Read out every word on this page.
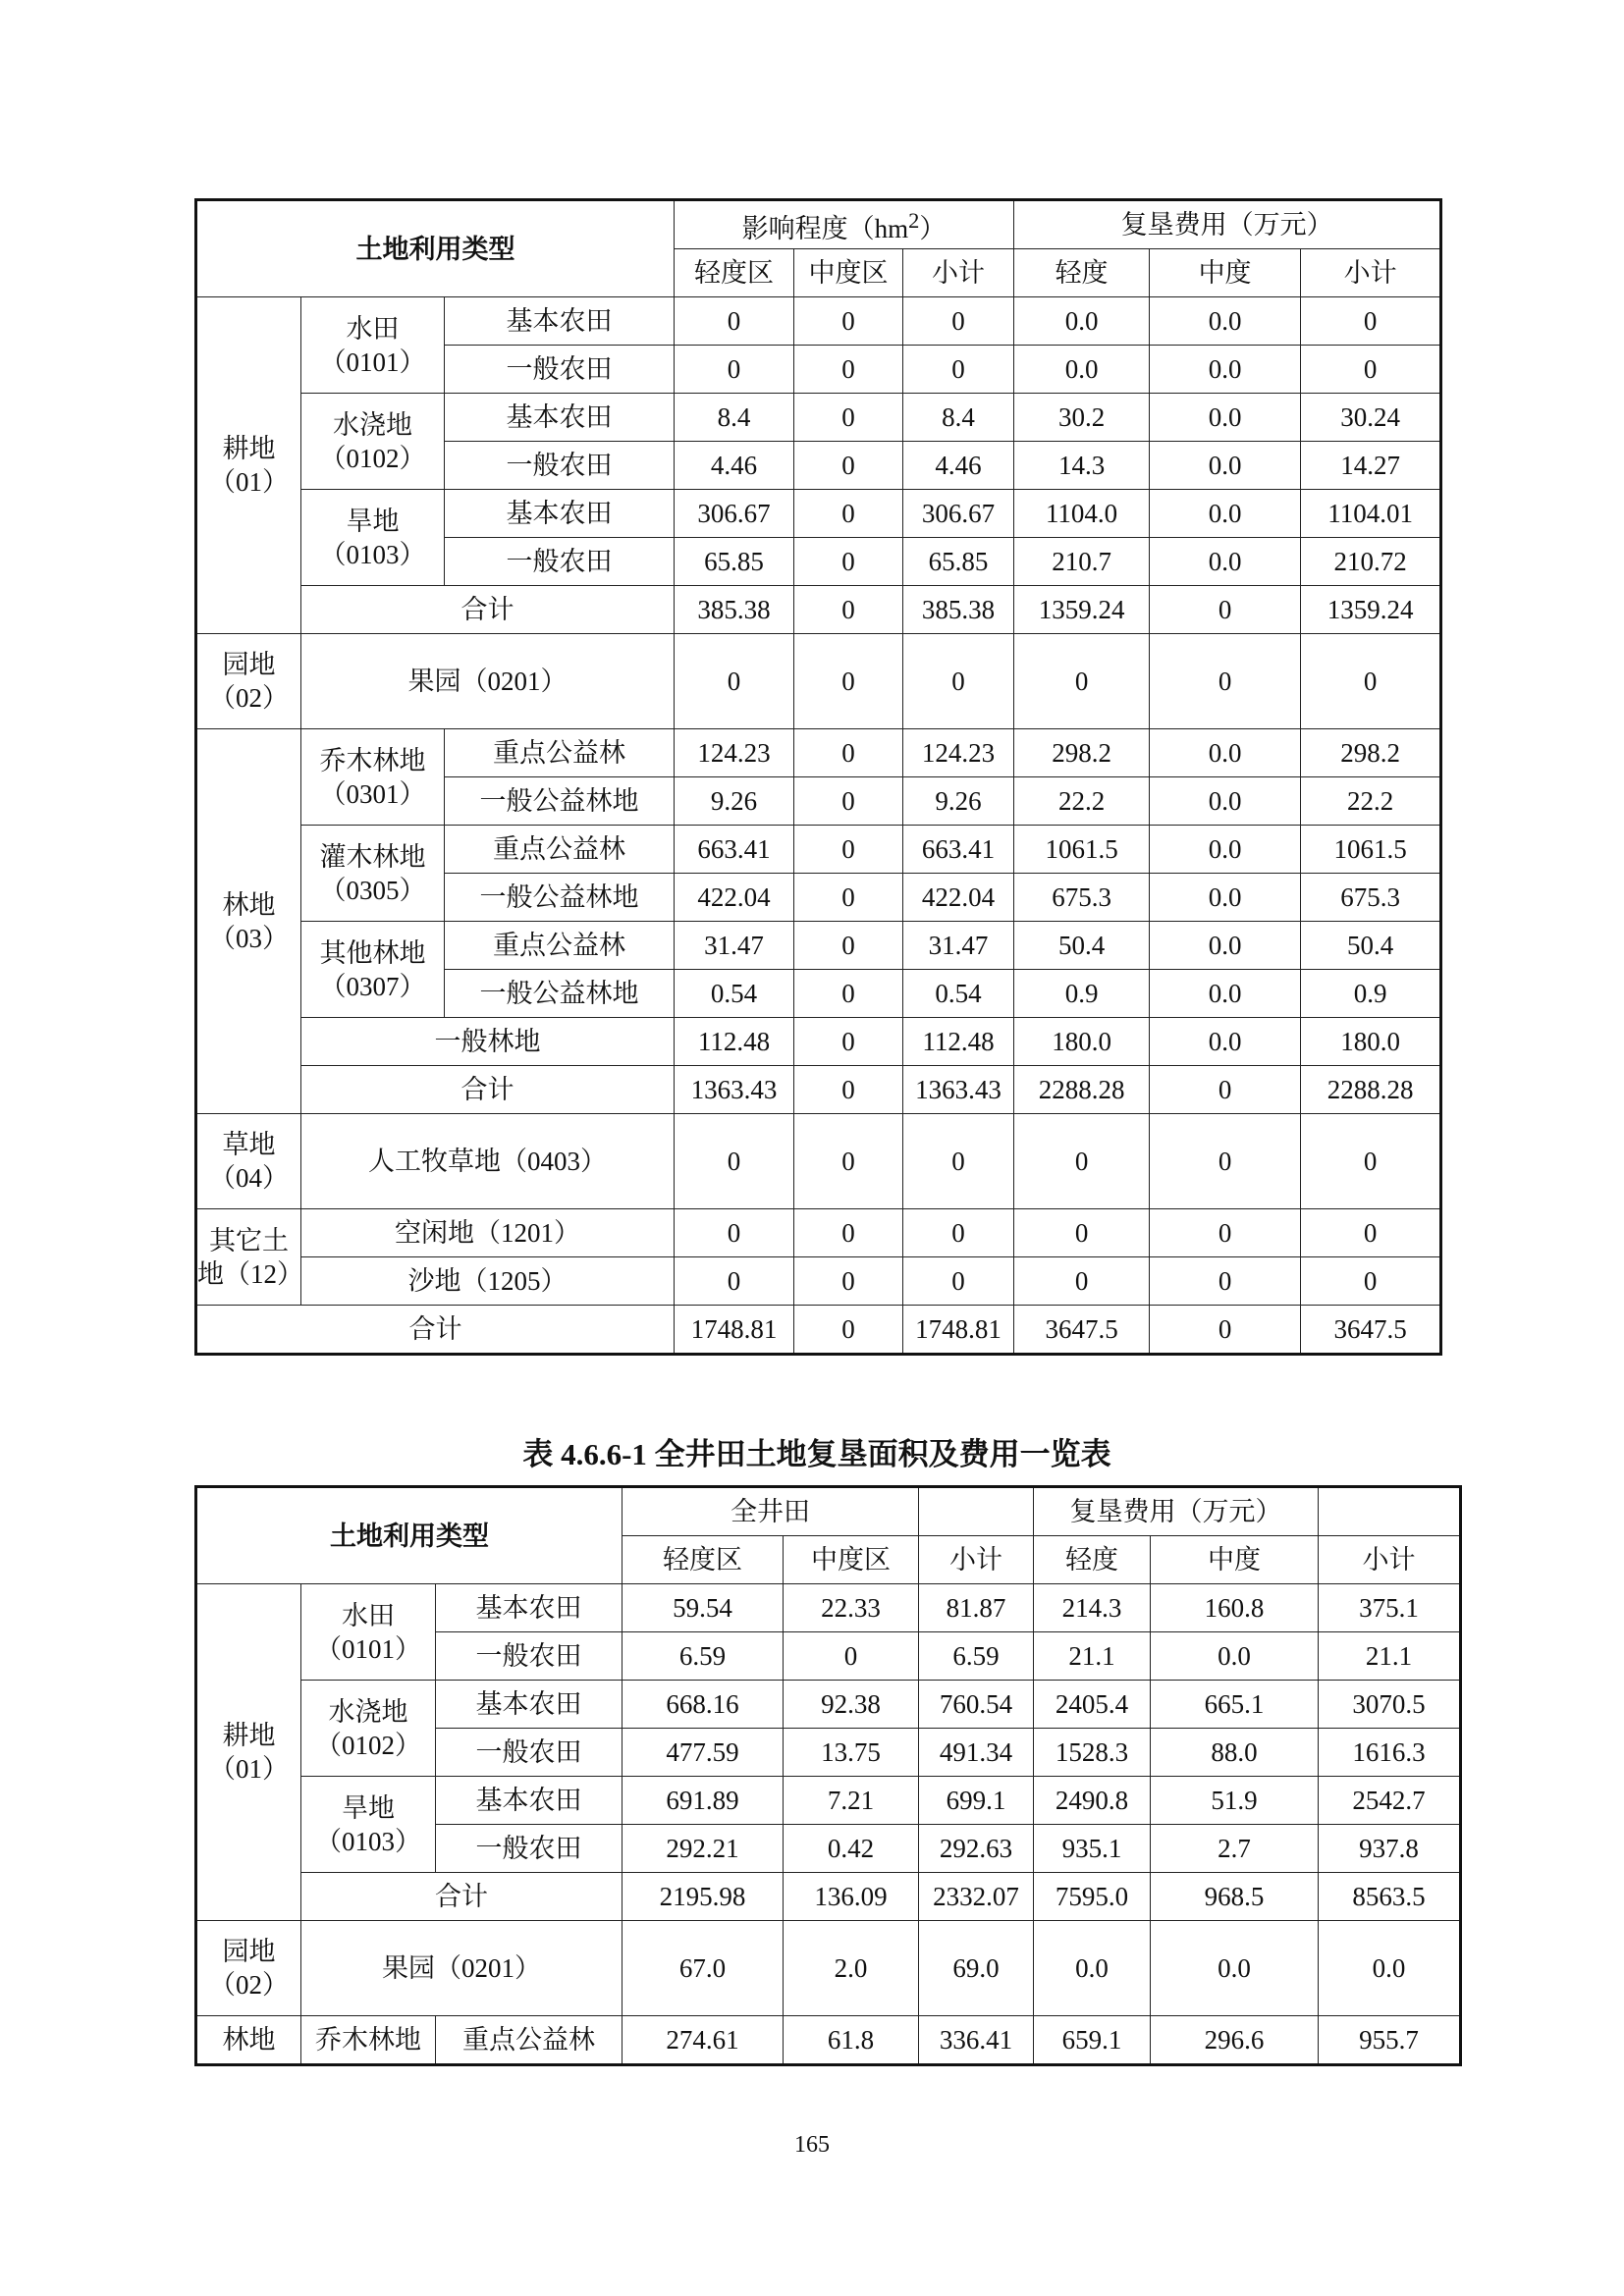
土地利用类型			影响程度$(hm^2)$			复垦费用（万元）		
			轻度区	中度区	小计	轻度	中度	小计
耕地（01）	水田（0101）	基本农田	0	0	0	0.0	0.0	0
		一般农田	0	0	0	0.0	0.0	0
	水浇地（0102）	基本农田	8.4	0	8.4	30.2	0.0	30.24
		一般农田	4.46	0	4.46	14.3	0.0	14.27
	旱地（0103）	基本农田	306.67	0	306.67	1104.0	0.0	1104.01
		一般农田	65.85	0	65.85	210.7	0.0	210.72
	合计		385.38	0	385.38	1359.24	0	1359.24
园地（02）	果园（0201）		0	0	0	0	0	0
林地（03）	乔木林地（0301）	重点公益林	124.23	0	124.23	298.2	0.0	298.2
		一般公益林地	9.26	0	9.26	22.2	0.0	22.2
	灌木林地（0305）	重点公益林	663.41	0	663.41	1061.5	0.0	1061.5
		一般公益林地	422.04	0	422.04	675.3	0.0	675.3
	其他林地（0307）	重点公益林	31.47	0	31.47	50.4	0.0	50.4
		一般公益林地	0.54	0	0.54	0.9	0.0	0.9
	一般林地		112.48	0	112.48	180.0	0.0	180.0
	合计		1363.43	0	1363.43	2288.28	0	2288.28
草地（04）	人工牧草地（0403）		0	0	0	0	0	0
其它土地（12）	空闲地（1201）		0	0	0	0	0	0
	沙地（1205）		0	0	0	0	0	0
合计			1748.81	0	1748.81	3647.5	0	3647.5
表 4.6.6-1 全井田土地复垦面积及费用一览表
土地利用类型			全井田			复垦费用（万元）		
			轻度区	中度区	小计	轻度	中度	小计
耕地（01）	水田（0101）	基本农田	59.54	22.33	81.87	214.3	160.8	375.1
		一般农田	6.59	0	6.59	21.1	0.0	21.1
	水浇地（0102）	基本农田	668.16	92.38	760.54	2405.4	665.1	3070.5
		一般农田	477.59	13.75	491.34	1528.3	88.0	1616.3
	旱地（0103）	基本农田	691.89	7.21	699.1	2490.8	51.9	2542.7
		一般农田	292.21	0.42	292.63	935.1	2.7	937.8
	合计		2195.98	136.09	2332.07	7595.0	968.5	8563.5
园地（02）	果园（0201）		67.0	2.0	69.0	0.0	0.0	0.0
林地	乔木林地	重点公益林	274.61	61.8	336.41	659.1	296.6	955.7
165
